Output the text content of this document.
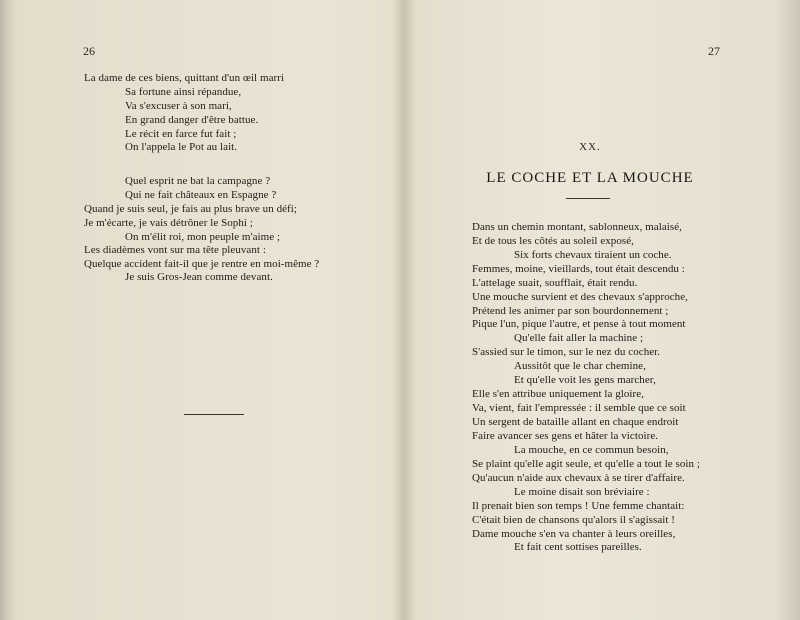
26
La dame de ces biens, quittant d'un œil marri
Sa fortune ainsi répandue,
Va s'excuser à son mari,
En grand danger d'être battue.
Le récit en farce fut fait ;
On l'appela le Pot au lait.
Quel esprit ne bat la campagne ?
Qui ne fait châteaux en Espagne ?
Quand je suis seul, je fais au plus brave un défi;
Je m'écarte, je vais détrôner le Sophi ;
On m'élit roi, mon peuple m'aime ;
Les diadèmes vont sur ma tête pleuvant :
Quelque accident fait-il que je rentre en moi-même ?
Je suis Gros-Jean comme devant.
27
XX.
LE COCHE ET LA MOUCHE
Dans un chemin montant, sablonneux, malaisé,
Et de tous les côtés au soleil exposé,
Six forts chevaux tiraient un coche.
Femmes, moine, vieillards, tout était descendu :
L'attelage suait, soufflait, était rendu.
Une mouche survient et des chevaux s'approche,
Prétend les animer par son bourdonnement ;
Pique l'un, pique l'autre, et pense à tout moment
Qu'elle fait aller la machine ;
S'assied sur le timon, sur le nez du cocher.
Aussitôt que le char chemine,
Et qu'elle voit les gens marcher,
Elle s'en attribue uniquement la gloire,
Va, vient, fait l'empressée : il semble que ce soit
Un sergent de bataille allant en chaque endroit
Faire avancer ses gens et hâter la victoire.
La mouche, en ce commun besoin,
Se plaint qu'elle agit seule, et qu'elle a tout le soin ;
Qu'aucun n'aide aux chevaux à se tirer d'affaire.
Le moine disait son bréviaire :
Il prenait bien son temps ! Une femme chantait:
C'était bien de chansons qu'alors il s'agissait !
Dame mouche s'en va chanter à leurs oreilles,
Et fait cent sottises pareilles.
